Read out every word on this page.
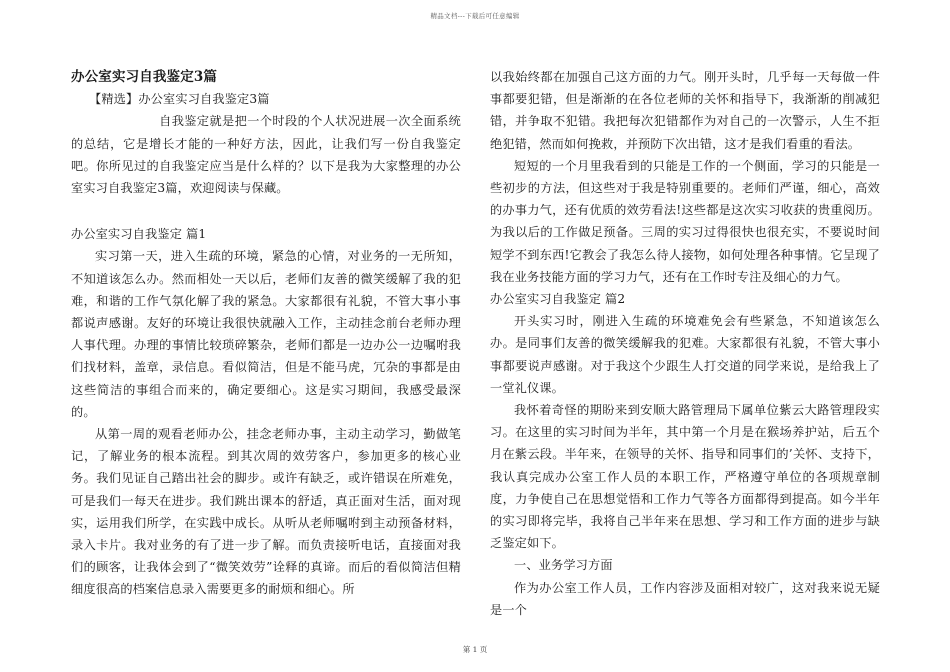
精品文档---下载后可任意编辑

办公室实习自我鉴定3篇

【精选】办公室实习自我鉴定3篇

　　　　　　　自我鉴定就是把一个时段的个人状况进展一次全面系统的总结，它是增长才能的一种好方法，因此，让我们写一份自我鉴定吧。你所见过的自我鉴定应当是什么样的？以下是我为大家整理的办公室实习自我鉴定3篇，欢迎阅读与保藏。

办公室实习自我鉴定 篇1

实习第一天，进入生疏的环境，紧急的心情，对业务的一无所知，不知道该怎么办。然而相处一天以后，老师们友善的微笑缓解了我的犯难，和谐的工作气氛化解了我的紧急。大家都很有礼貌，不管大事小事都说声感谢。友好的环境让我很快就融入工作，主动挂念前台老师办理人事代理。办理的事情比较琐碎繁杂，老师们都是一边办公一边嘱咐我们找材料，盖章，录信息。看似简洁，但是不能马虎，冗杂的事都是由这些简洁的事组合而来的，确定要细心。这是实习期间，我感受最深的。

从第一周的观看老师办公，挂念老师办事，主动主动学习，勤做笔记，了解业务的根本流程。到其次周的效劳客户，参加更多的核心业务。我们见证自己踏出社会的脚步。或许有缺乏，或许错误在所难免，可是我们一每天在进步。我们跳出课本的舒适，真正面对生活，面对现实，运用我们所学，在实践中成长。从听从老师嘱咐到主动预备材料，录入卡片。我对业务的有了进一步了解。而负责接听电话，直接面对我们的顾客，让我体会到了“微笑效劳”诠释的真谛。而后的看似简洁但精细度很高的档案信息录入需要更多的耐烦和细心。所

以我始终都在加强自己这方面的力气。刚开头时，几乎每一天每做一件事都要犯错，但是渐渐的在各位老师的关怀和指导下，我渐渐的削减犯错，并争取不犯错。我把每次犯错都作为对自己的一次警示，人生不拒绝犯错，然而如何挽救，并预防下次出错，这才是我们看重的看法。

短短的一个月里我看到的只能是工作的一个侧面，学习的只能是一些初步的方法，但这些对于我是特别重要的。老师们严谨，细心，高效的办事力气，还有优质的效劳看法!这些都是这次实习收获的贵重阅历。为我以后的工作做足预备。三周的实习过得很快也很充实，不要说时间短学不到东西!它教会了我怎么待人接物，如何处理各种事情。它呈现了我在业务技能方面的学习力气，还有在工作时专注及细心的力气。

办公室实习自我鉴定 篇2

开头实习时，刚进入生疏的环境难免会有些紧急，不知道该怎么办。是同事们友善的微笑缓解我的犯难。大家都很有礼貌，不管大事小事都要说声感谢。对于我这个少跟生人打交道的同学来说，是给我上了一堂礼仪课。

我怀着奇怪的期盼来到安顺大路管理局下属单位紫云大路管理段实习。在这里的实习时间为半年，其中第一个月是在猴场养护站，后五个月在紫云段。半年来，在领导的关怀、指导和同事们的’关怀、支持下，我认真完成办公室工作人员的本职工作，严格遵守单位的各项规章制度，力争使自己在思想觉悟和工作力气等各方面都得到提高。如今半年的实习即将完毕，我将自己半年来在思想、学习和工作方面的进步与缺乏鉴定如下。

一、业务学习方面

作为办公室工作人员，工作内容涉及面相对较广，这对我来说无疑是一个

第 1 页
